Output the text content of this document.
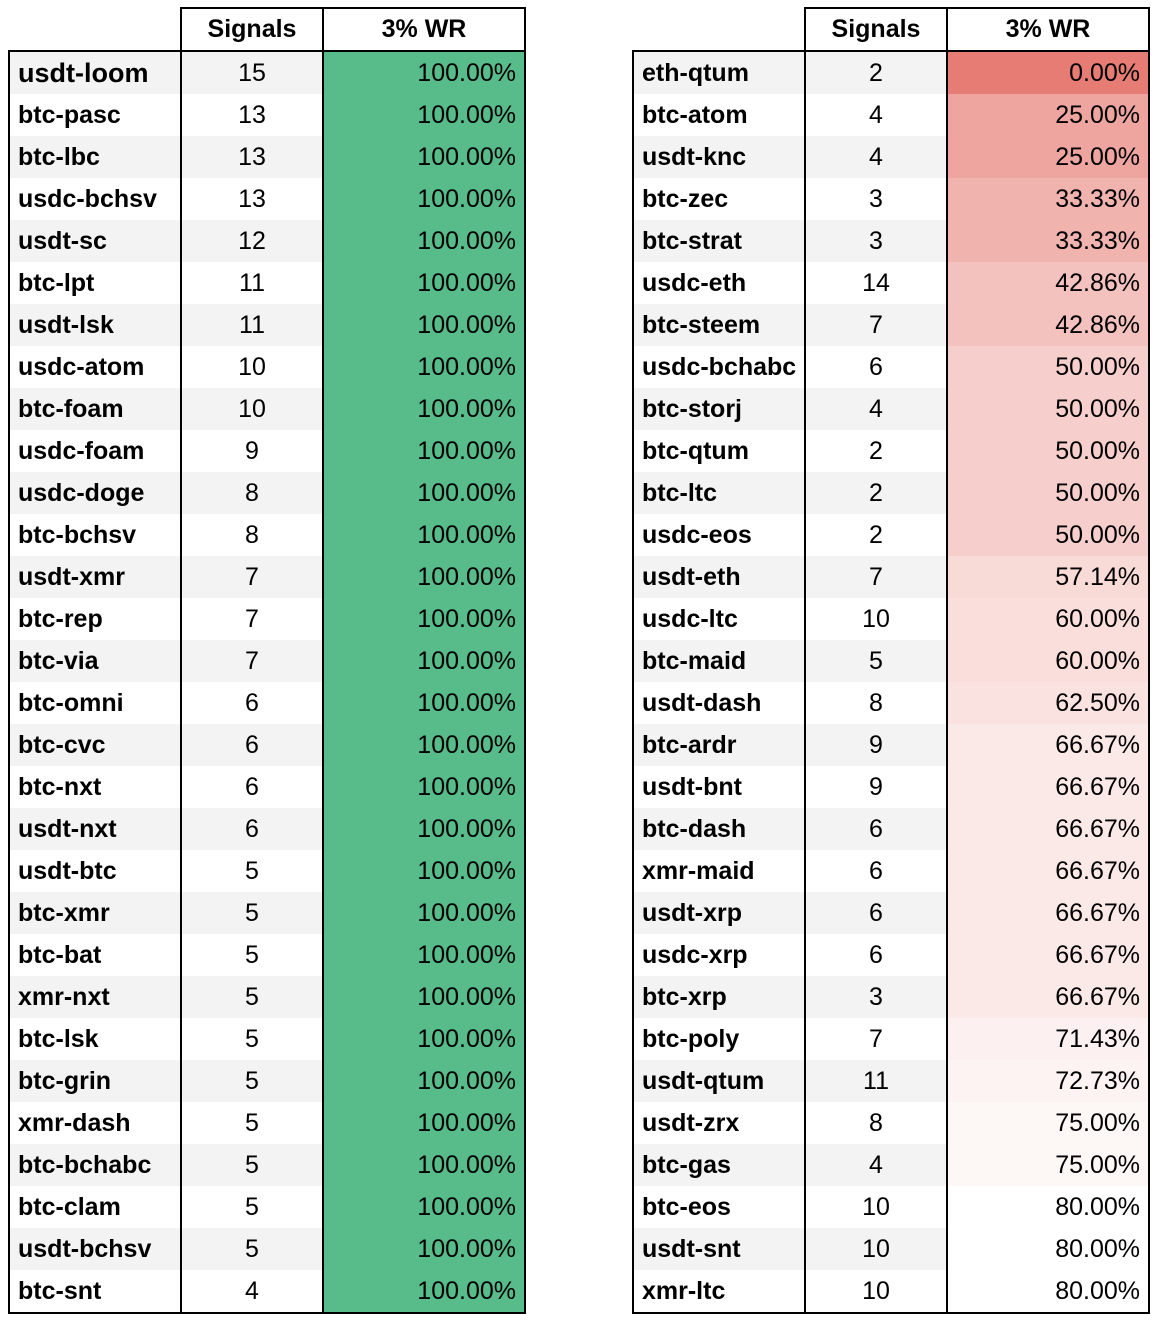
	Signals	3% WR
usdt-loom	15	100.00%
btc-pasc	13	100.00%
btc-lbc	13	100.00%
usdc-bchsv	13	100.00%
usdt-sc	12	100.00%
btc-lpt	11	100.00%
usdt-lsk	11	100.00%
usdc-atom	10	100.00%
btc-foam	10	100.00%
usdc-foam	9	100.00%
usdc-doge	8	100.00%
btc-bchsv	8	100.00%
usdt-xmr	7	100.00%
btc-rep	7	100.00%
btc-via	7	100.00%
btc-omni	6	100.00%
btc-cvc	6	100.00%
btc-nxt	6	100.00%
usdt-nxt	6	100.00%
usdt-btc	5	100.00%
btc-xmr	5	100.00%
btc-bat	5	100.00%
xmr-nxt	5	100.00%
btc-lsk	5	100.00%
btc-grin	5	100.00%
xmr-dash	5	100.00%
btc-bchabc	5	100.00%
btc-clam	5	100.00%
usdt-bchsv	5	100.00%
btc-snt	4	100.00%
	Signals	3% WR
eth-qtum	2	0.00%
btc-atom	4	25.00%
usdt-knc	4	25.00%
btc-zec	3	33.33%
btc-strat	3	33.33%
usdc-eth	14	42.86%
btc-steem	7	42.86%
usdc-bchabc	6	50.00%
btc-storj	4	50.00%
btc-qtum	2	50.00%
btc-ltc	2	50.00%
usdc-eos	2	50.00%
usdt-eth	7	57.14%
usdc-ltc	10	60.00%
btc-maid	5	60.00%
usdt-dash	8	62.50%
btc-ardr	9	66.67%
usdt-bnt	9	66.67%
btc-dash	6	66.67%
xmr-maid	6	66.67%
usdt-xrp	6	66.67%
usdc-xrp	6	66.67%
btc-xrp	3	66.67%
btc-poly	7	71.43%
usdt-qtum	11	72.73%
usdt-zrx	8	75.00%
btc-gas	4	75.00%
btc-eos	10	80.00%
usdt-snt	10	80.00%
xmr-ltc	10	80.00%
